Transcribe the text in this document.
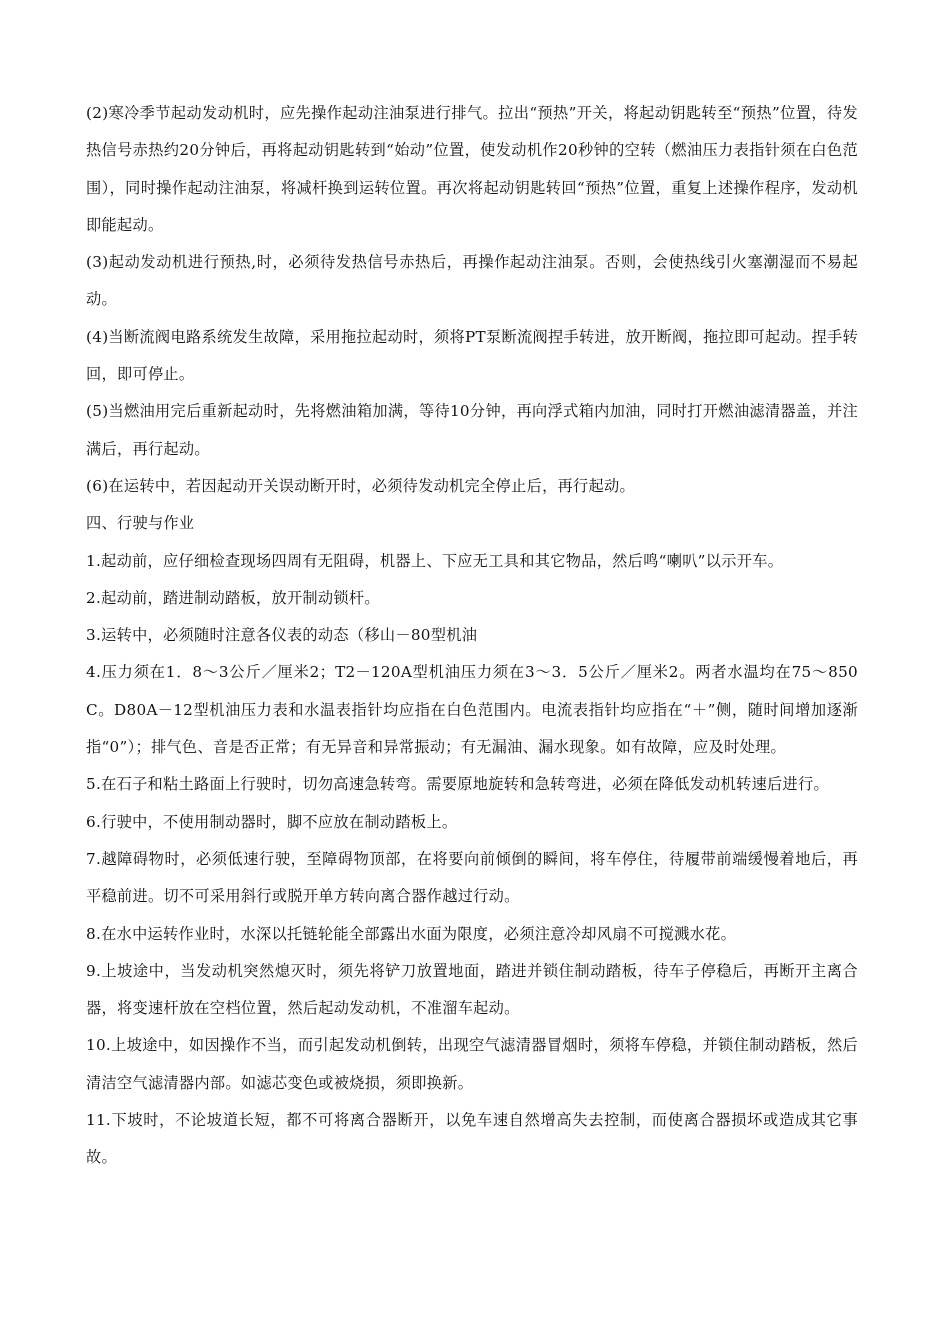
(2)寒冷季节起动发动机时，应先操作起动注油泵进行排气。拉出“预热”开关，将起动钥匙转至“预热”位置，待发热信号赤热约20分钟后，再将起动钥匙转到“始动”位置，使发动机作20秒钟的空转（燃油压力表指针须在白色范围），同时操作起动注油泵，将减杆换到运转位置。再次将起动钥匙转回“预热”位置，重复上述操作程序，发动机即能起动。

(3)起动发动机进行预热,时，必须待发热信号赤热后，再操作起动注油泵。否则，会使热线引火塞潮湿而不易起动。

(4)当断流阀电路系统发生故障，采用拖拉起动时，须将PT泵断流阀捏手转进，放开断阀，拖拉即可起动。捏手转回，即可停止。

(5)当燃油用完后重新起动时，先将燃油箱加满，等待10分钟，再向浮式箱内加油，同时打开燃油滤清器盖，并注满后，再行起动。

(6)在运转中，若因起动开关误动断开时，必须待发动机完全停止后，再行起动。

四、行驶与作业

1.起动前，应仔细检查现场四周有无阻碍，机器上、下应无工具和其它物品，然后鸣“喇叭”以示开车。

2.起动前，踏进制动踏板，放开制动锁杆。

3.运转中，必须随时注意各仪表的动态（移山－80型机油

4.压力须在1．8～3公斤／厘米2；T2－120A型机油压力须在3～3．5公斤／厘米2。两者水温均在75～850C。D80A－12型机油压力表和水温表指针均应指在白色范围内。电流表指针均应指在“＋”侧，随时间增加逐渐指“0”）；排气色、音是否正常；有无异音和异常振动；有无漏油、漏水现象。如有故障，应及时处理。

5.在石子和粘土路面上行驶时，切勿高速急转弯。需要原地旋转和急转弯进，必须在降低发动机转速后进行。

6.行驶中，不使用制动器时，脚不应放在制动踏板上。

7.越障碍物时，必须低速行驶，至障碍物顶部，在将要向前倾倒的瞬间，将车停住，待履带前端缓慢着地后，再平稳前进。切不可采用斜行或脱开单方转向离合器作越过行动。

8.在水中运转作业时，水深以托链轮能全部露出水面为限度，必须注意冷却风扇不可搅溅水花。

9.上坡途中，当发动机突然熄灭时，须先将铲刀放置地面，踏进并锁住制动踏板，待车子停稳后，再断开主离合器，将变速杆放在空档位置，然后起动发动机，不准溜车起动。

10.上坡途中，如因操作不当，而引起发动机倒转，出现空气滤清器冒烟时，须将车停稳，并锁住制动踏板，然后清洁空气滤清器内部。如滤芯变色或被烧损，须即换新。

11.下坡时，不论坡道长短，都不可将离合器断开，以免车速自然增高失去控制，而使离合器损坏或造成其它事故。
